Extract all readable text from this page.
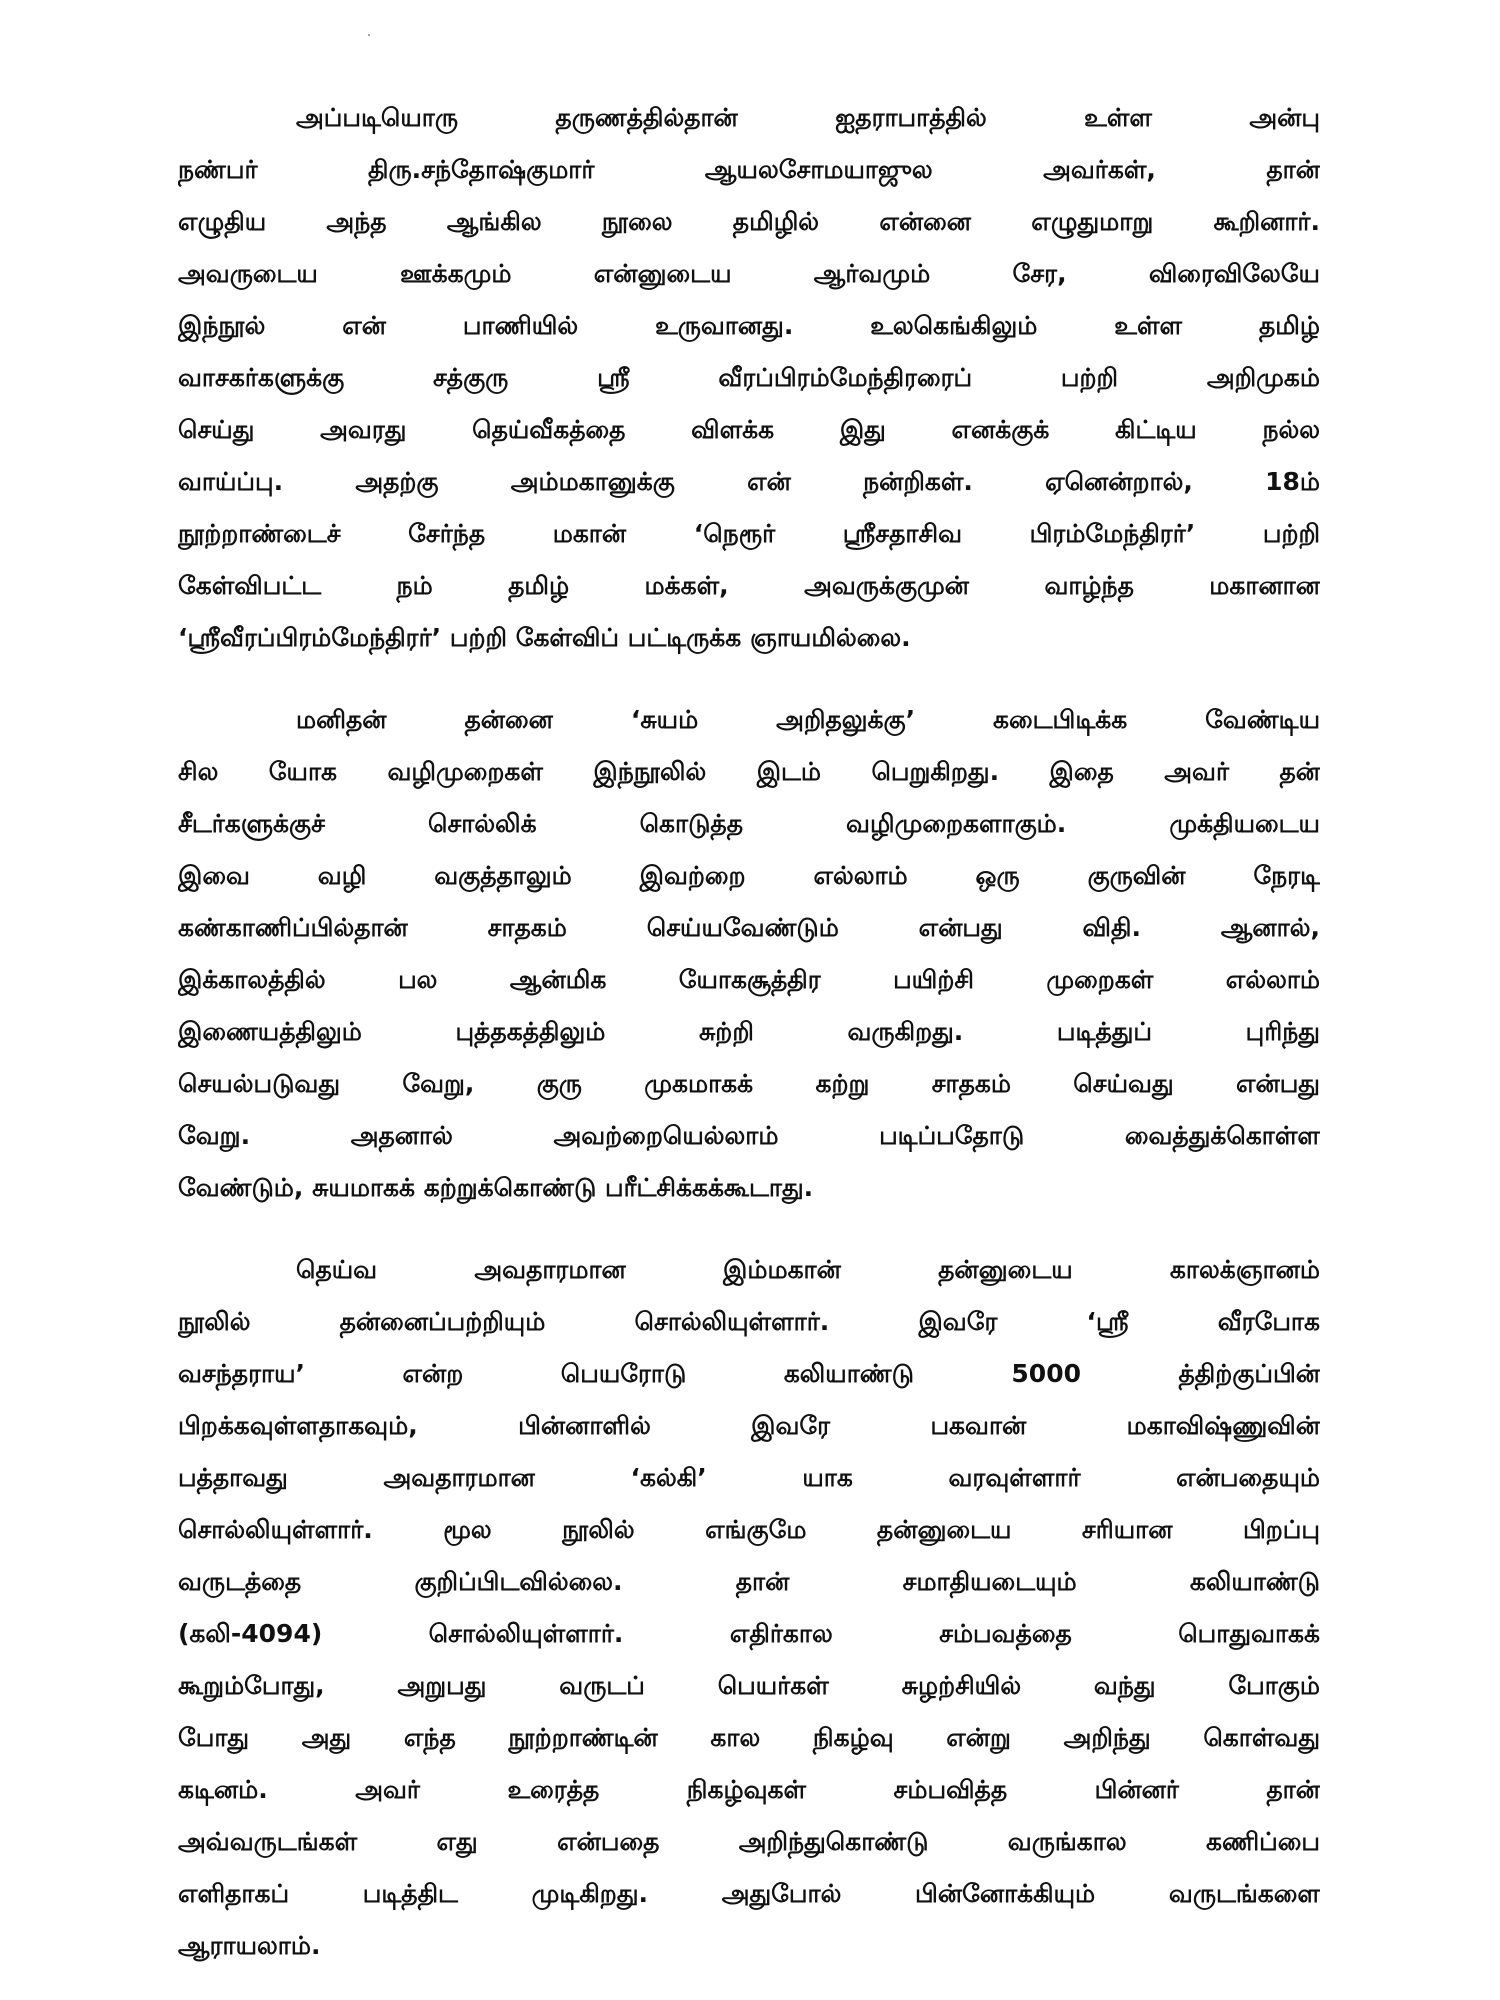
அப்படியொரு தருணத்தில்தான் ஐதராபாத்தில் உள்ள அன்பு
நண்பர் திரு.சந்தோஷ்குமார் ஆயலசோமயாஜுல அவர்கள், தான்
எழுதிய அந்த ஆங்கில நூலை தமிழில் என்னை எழுதுமாறு கூறினார்.
அவருடைய ஊக்கமும் என்னுடைய ஆர்வமும் சேர, விரைவிலேயே
இந்நூல் என் பாணியில் உருவானது. உலகெங்கிலும் உள்ள தமிழ்
வாசகர்களுக்கு சத்குரு ஸ்ரீ வீரப்பிரம்மேந்திரரைப் பற்றி அறிமுகம்
செய்து அவரது தெய்வீகத்தை விளக்க இது எனக்குக் கிட்டிய நல்ல
வாய்ப்பு. அதற்கு அம்மகானுக்கு என் நன்றிகள். ஏனென்றால், 18ம்
நூற்றாண்டைச் சேர்ந்த மகான் ‘நெரூர் ஸ்ரீசதாசிவ பிரம்மேந்திரர்’ பற்றி
கேள்விபட்ட நம் தமிழ் மக்கள், அவருக்குமுன் வாழ்ந்த மகானான
‘ஸ்ரீவீரப்பிரம்மேந்திரர்’ பற்றி கேள்விப் பட்டிருக்க ஞாயமில்லை.
மனிதன் தன்னை ‘சுயம் அறிதலுக்கு’ கடைபிடிக்க வேண்டிய
சில யோக வழிமுறைகள் இந்நூலில் இடம் பெறுகிறது. இதை அவர் தன்
சீடர்களுக்குச் சொல்லிக் கொடுத்த வழிமுறைகளாகும். முக்தியடைய
இவை வழி வகுத்தாலும் இவற்றை எல்லாம் ஒரு குருவின் நேரடி
கண்காணிப்பில்தான் சாதகம் செய்யவேண்டும் என்பது விதி. ஆனால்,
இக்காலத்தில் பல ஆன்மிக யோகசூத்திர பயிற்சி முறைகள் எல்லாம்
இணையத்திலும் புத்தகத்திலும் சுற்றி வருகிறது. படித்துப் புரிந்து
செயல்படுவது வேறு, குரு முகமாகக் கற்று சாதகம் செய்வது என்பது
வேறு. அதனால் அவற்றையெல்லாம் படிப்பதோடு வைத்துக்கொள்ள
வேண்டும், சுயமாகக் கற்றுக்கொண்டு பரீட்சிக்கக்கூடாது.
தெய்வ அவதாரமான இம்மகான் தன்னுடைய காலக்ஞானம்
நூலில் தன்னைப்பற்றியும் சொல்லியுள்ளார். இவரே ‘ஸ்ரீ வீரபோக
வசந்தராய’ என்ற பெயரோடு கலியாண்டு 5000 த்திற்குப்பின்
பிறக்கவுள்ளதாகவும், பின்னாளில் இவரே பகவான் மகாவிஷ்ணுவின்
பத்தாவது அவதாரமான ‘கல்கி’ யாக வரவுள்ளார் என்பதையும்
சொல்லியுள்ளார். மூல நூலில் எங்குமே தன்னுடைய சரியான பிறப்பு
வருடத்தை குறிப்பிடவில்லை. தான் சமாதியடையும் கலியாண்டு
(கலி-4094) சொல்லியுள்ளார். எதிர்கால சம்பவத்தை பொதுவாகக்
கூறும்போது, அறுபது வருடப் பெயர்கள் சுழற்சியில் வந்து போகும்
போது அது எந்த நூற்றாண்டின் கால நிகழ்வு என்று அறிந்து கொள்வது
கடினம். அவர் உரைத்த நிகழ்வுகள் சம்பவித்த பின்னர் தான்
அவ்வருடங்கள் எது என்பதை அறிந்துகொண்டு வருங்கால கணிப்பை
எளிதாகப் படித்திட முடிகிறது. அதுபோல் பின்னோக்கியும் வருடங்களை
ஆராயலாம்.
